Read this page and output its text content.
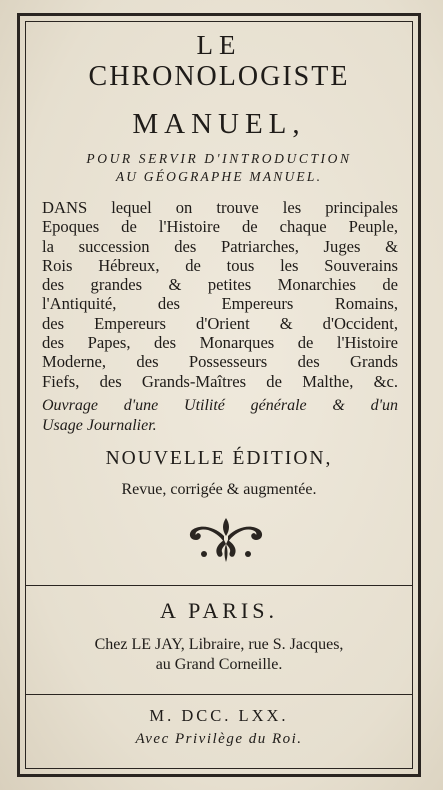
LE
CHRONOLOGISTE
MANUEL,
POUR SERVIR D'INTRODUCTION
AU GÉOGRAPHE MANUEL.
DANS lequel on trouve les principales
Epoques de l'Histoire de chaque Peuple,
la succession des Patriarches, Juges &
Rois Hébreux, de tous les Souverains
des grandes & petites Monarchies de
l'Antiquité, des Empereurs Romains,
des Empereurs d'Orient & d'Occident,
des Papes, des Monarques de l'Histoire
Moderne, des Possesseurs des Grands
Fiefs, des Grands-Maîtres de Malthe, &c.
Ouvrage d'une Utilité générale & d'un
Usage Journalier.
NOUVELLE ÉDITION,
Revue, corrigée & augmentée.
A PARIS.
Chez LE JAY, Libraire, rue S. Jacques,
au Grand Corneille.
M. DCC. LXX.
Avec Privilège du Roi.
